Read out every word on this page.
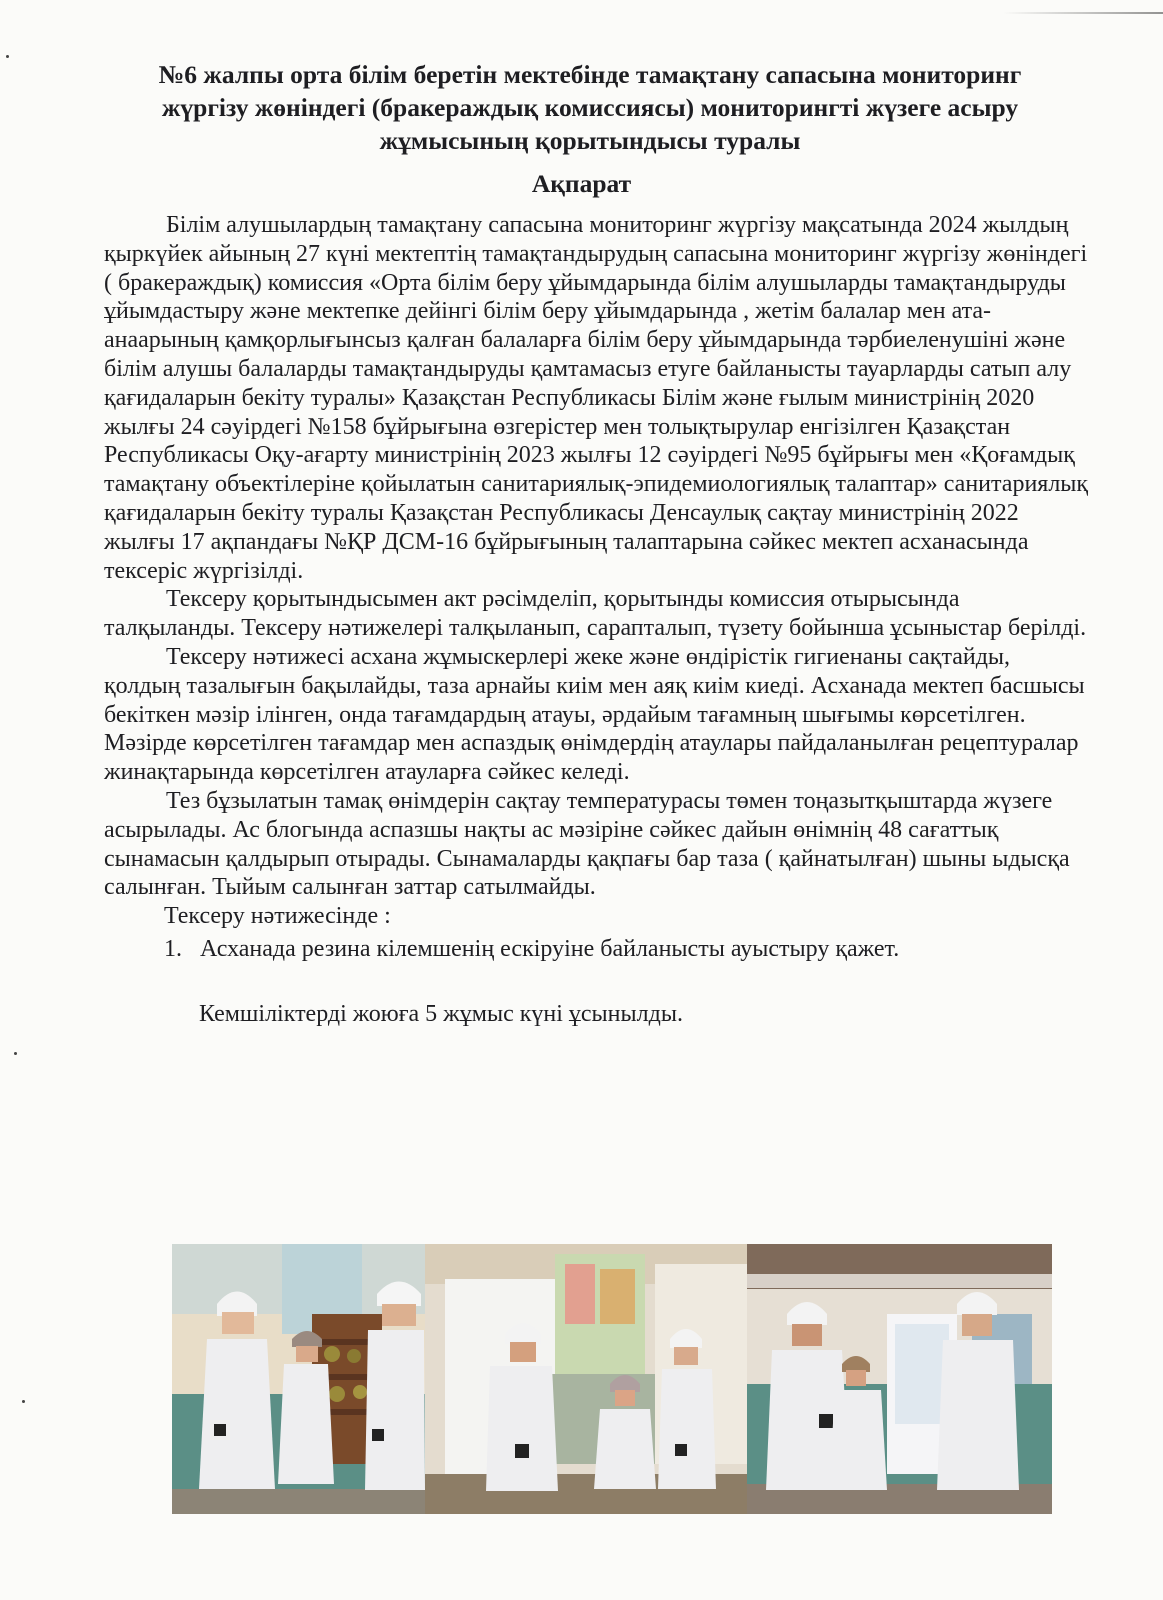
№6 жалпы орта білім беретін мектебінде тамақтану сапасына мониторинг жүргізу жөніндегі (бракераждық комиссиясы) мониторингті жүзеге асыру жұмысының қорытындысы туралы
Ақпарат

Білім алушылардың тамақтану сапасына мониторинг жүргізу мақсатында 2024 жылдың қыркүйек айының 27 күні мектептің тамақтандырудың сапасына мониторинг жүргізу жөніндегі ( бракераждық) комиссия «Орта білім беру ұйымдарында білім алушыларды тамақтандыруды ұйымдастыру және мектепке дейінгі білім беру ұйымдарында , жетім балалар мен ата-анаарының қамқорлығынсыз қалған балаларға білім беру ұйымдарында тәрбиеленушіні және білім алушы балаларды тамақтандыруды қамтамасыз етуге байланысты тауарларды сатып алу қағидаларын бекіту туралы» Қазақстан Республикасы Білім және ғылым министрінің 2020 жылғы 24 сәуірдегі №158 бұйрығына өзгерістер мен толықтырулар енгізілген Қазақстан Республикасы Оқу-ағарту министрінің 2023 жылғы 12 сәуірдегі №95 бұйрығы мен «Қоғамдық тамақтану объектілеріне қойылатын санитариялық-эпидемиологиялық талаптар» санитариялық қағидаларын бекіту туралы Қазақстан Республикасы Денсаулық сақтау министрінің 2022 жылғы 17 ақпандағы №ҚР ДСМ-16 бұйрығының талаптарына сәйкес мектеп асханасында тексеріс жүргізілді.

Тексеру қорытындысымен акт рәсімделіп, қорытынды комиссия отырысында талқыланды. Тексеру нәтижелері талқыланып, сарапталып, түзету бойынша ұсыныстар берілді.

Тексеру нәтижесі асхана жұмыскерлері жеке және өндірістік гигиенаны сақтайды, қолдың тазалығын бақылайды, таза арнайы киім мен аяқ киім киеді. Асханада мектеп басшысы бекіткен мәзір ілінген, онда тағамдардың атауы, әрдайым тағамның шығымы көрсетілген. Мәзірде көрсетілген тағамдар мен аспаздық өнімдердің атаулары пайдаланылған рецептуралар жинақтарында көрсетілген атауларға сәйкес келеді.

Тез бұзылатын тамақ өнімдерін сақтау температурасы төмен тоңазытқыштарда жүзеге асырылады. Ас блогында аспазшы нақты ас мәзіріне сәйкес дайын өнімнің 48 сағаттық сынамасын қалдырып отырады. Сынамаларды қақпағы бар таза ( қайнатылған) шыны ыдысқа салынған. Тыйым салынған заттар сатылмайды.

Тексеру нәтижесінде :

1. Асханада резина кілемшенің ескіруіне байланысты ауыстыру қажет.

Кемшіліктерді жоюға 5 жұмыс күні ұсынылды.
